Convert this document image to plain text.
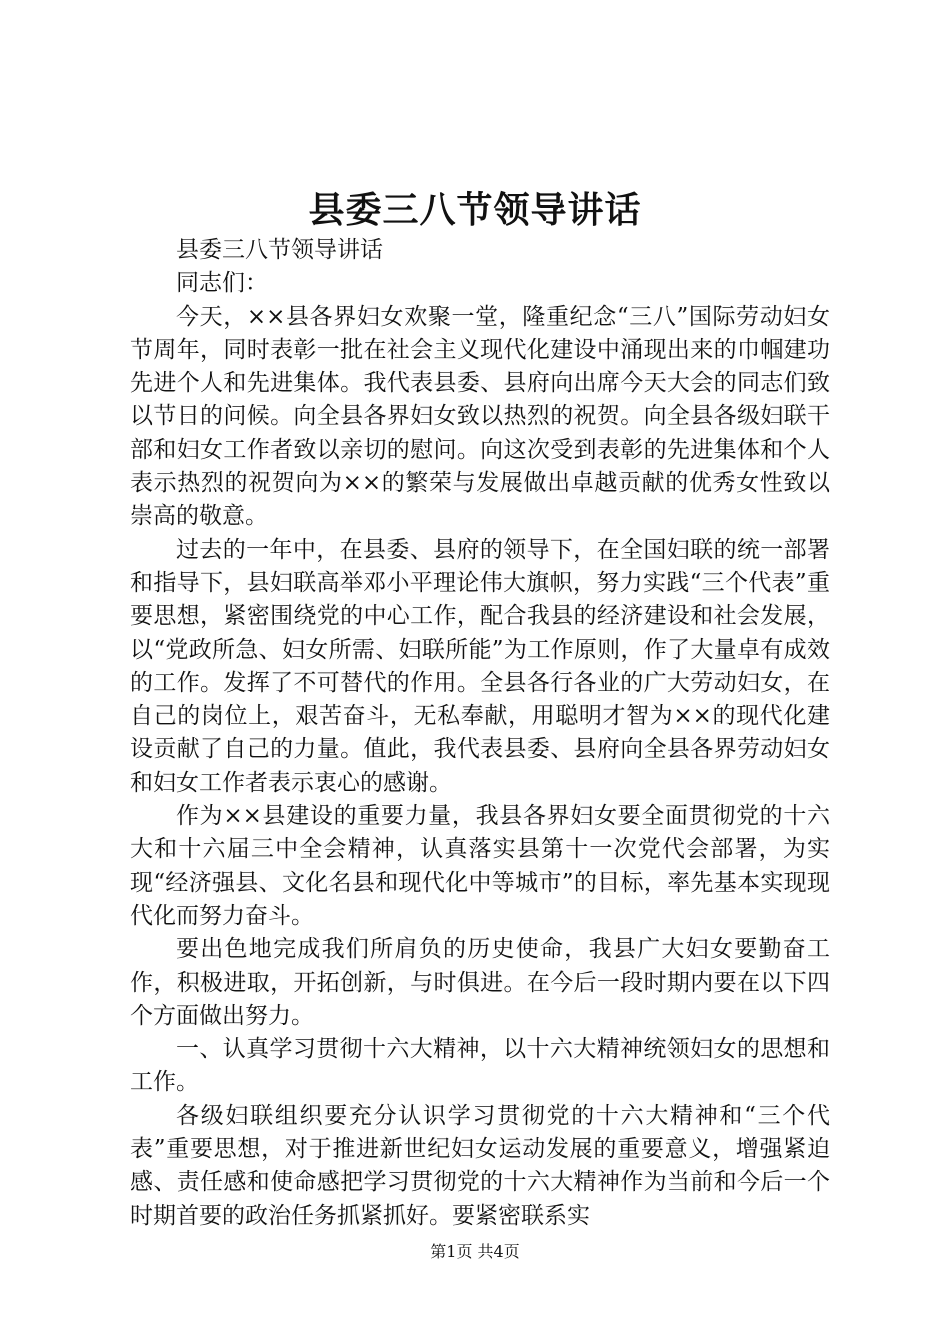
县委三八节领导讲话

县委三八节领导讲话

同志们：

今天，××县各界妇女欢聚一堂，隆重纪念“三八”国际劳动妇女节周年，同时表彰一批在社会主义现代化建设中涌现出来的巾帼建功先进个人和先进集体。我代表县委、县府向出席今天大会的同志们致以节日的问候。向全县各界妇女致以热烈的祝贺。向全县各级妇联干部和妇女工作者致以亲切的慰问。向这次受到表彰的先进集体和个人表示热烈的祝贺向为××的繁荣与发展做出卓越贡献的优秀女性致以崇高的敬意。

过去的一年中，在县委、县府的领导下，在全国妇联的统一部署和指导下，县妇联高举邓小平理论伟大旗帜，努力实践“三个代表”重要思想，紧密围绕党的中心工作，配合我县的经济建设和社会发展，以“党政所急、妇女所需、妇联所能”为工作原则，作了大量卓有成效的工作。发挥了不可替代的作用。全县各行各业的广大劳动妇女，在自己的岗位上，艰苦奋斗，无私奉献，用聪明才智为××的现代化建设贡献了自己的力量。值此，我代表县委、县府向全县各界劳动妇女和妇女工作者表示衷心的感谢。

作为××县建设的重要力量，我县各界妇女要全面贯彻党的十六大和十六届三中全会精神，认真落实县第十一次党代会部署，为实现“经济强县、文化名县和现代化中等城市”的目标，率先基本实现现代化而努力奋斗。

要出色地完成我们所肩负的历史使命，我县广大妇女要勤奋工作，积极进取，开拓创新，与时俱进。在今后一段时期内要在以下四个方面做出努力。

一、认真学习贯彻十六大精神，以十六大精神统领妇女的思想和工作。

各级妇联组织要充分认识学习贯彻党的十六大精神和“三个代表”重要思想，对于推进新世纪妇女运动发展的重要意义，增强紧迫感、责任感和使命感把学习贯彻党的十六大精神作为当前和今后一个时期首要的政治任务抓紧抓好。要紧密联系实

第1页 共4页
